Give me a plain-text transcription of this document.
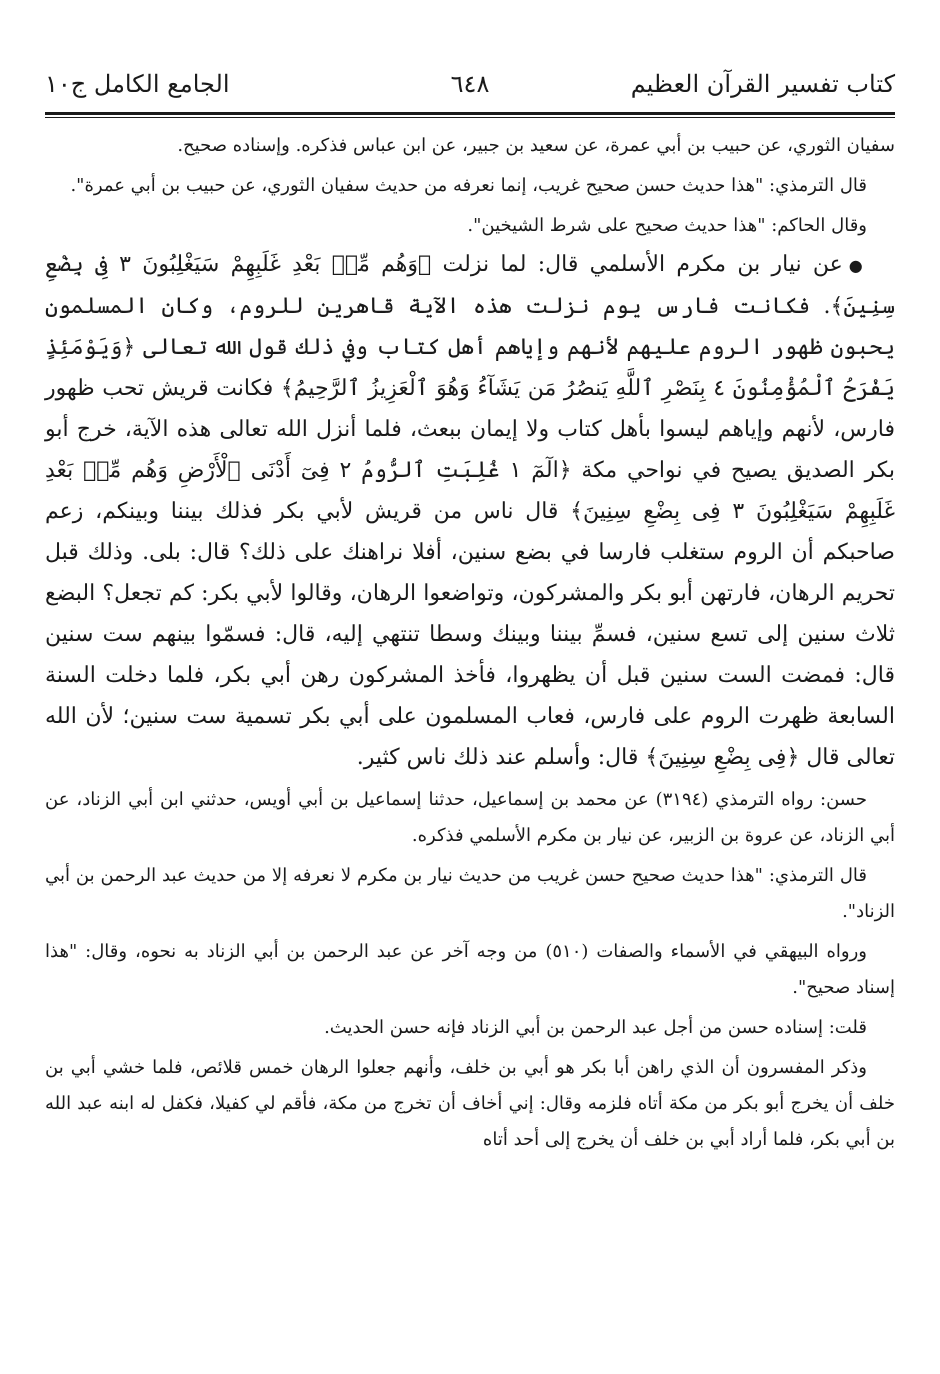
كتاب تفسير القرآن العظيم
٦٤٨
الجامع الكامل ج١٠

سفيان الثوري، عن حبيب بن أبي عمرة، عن سعيد بن جبير، عن ابن عباس فذكره. وإسناده صحيح.

قال الترمذي: "هذا حديث حسن صحيح غريب، إنما نعرفه من حديث سفيان الثوري، عن حبيب بن أبي عمرة".

وقال الحاكم: "هذا حديث صحيح على شرط الشيخين".

●عن نيار بن مكرم الأسلمي قال: لما نزلت ﴿وَهُم مِّنۢ بَعْدِ غَلَبِهِمْ سَيَغْلِبُونَ ٣ فِى بِضْعِ سِنِينَ﴾. فكانت فارس يوم نزلت هذه الآية قاهرين للروم، وكان المسلمون يحبون ظهور الروم عليهم لأنهم وإياهم أهل كتاب وفي ذلك قول الله تعالى ﴿وَيَوْمَئِذٍ يَفْرَحُ ٱلْمُؤْمِنُونَ ٤ بِنَصْرِ ٱللَّهِ يَنصُرُ مَن يَشَآءُ وَهُوَ ٱلْعَزِيزُ ٱلرَّحِيمُ﴾ فكانت قريش تحب ظهور فارس، لأنهم وإياهم ليسوا بأهل كتاب ولا إيمان ببعث، فلما أنزل الله تعالى هذه الآية، خرج أبو بكر الصديق يصيح في نواحي مكة ﴿الٓمٓ ١ غُلِبَتِ ٱلرُّومُ ٢ فِىٓ أَدْنَى ٱلْأَرْضِ وَهُم مِّنۢ بَعْدِ غَلَبِهِمْ سَيَغْلِبُونَ ٣ فِى بِضْعِ سِنِينَ﴾ قال ناس من قريش لأبي بكر فذلك بيننا وبينكم، زعم صاحبكم أن الروم ستغلب فارسا في بضع سنين، أفلا نراهنك على ذلك؟ قال: بلى. وذلك قبل تحريم الرهان، فارتهن أبو بكر والمشركون، وتواضعوا الرهان، وقالوا لأبي بكر: كم تجعل؟ البضع ثلاث سنين إلى تسع سنين، فسمِّ بيننا وبينك وسطا تنتهي إليه، قال: فسمّوا بينهم ست سنين قال: فمضت الست سنين قبل أن يظهروا، فأخذ المشركون رهن أبي بكر، فلما دخلت السنة السابعة ظهرت الروم على فارس، فعاب المسلمون على أبي بكر تسمية ست سنين؛ لأن الله تعالى قال ﴿فِى بِضْعِ سِنِينَ﴾ قال: وأسلم عند ذلك ناس كثير.

حسن: رواه الترمذي (٣١٩٤) عن محمد بن إسماعيل، حدثنا إسماعيل بن أبي أويس، حدثني ابن أبي الزناد، عن أبي الزناد، عن عروة بن الزبير، عن نيار بن مكرم الأسلمي فذكره.

قال الترمذي: "هذا حديث صحيح حسن غريب من حديث نيار بن مكرم لا نعرفه إلا من حديث عبد الرحمن بن أبي الزناد".

ورواه البيهقي في الأسماء والصفات (٥١٠) من وجه آخر عن عبد الرحمن بن أبي الزناد به نحوه، وقال: "هذا إسناد صحيح".

قلت: إسناده حسن من أجل عبد الرحمن بن أبي الزناد فإنه حسن الحديث.

وذكر المفسرون أن الذي راهن أبا بكر هو أبي بن خلف، وأنهم جعلوا الرهان خمس قلائص، فلما خشي أبي بن خلف أن يخرج أبو بكر من مكة أتاه فلزمه وقال: إني أخاف أن تخرج من مكة، فأقم لي كفيلا، فكفل له ابنه عبد الله بن أبي بكر، فلما أراد أبي بن خلف أن يخرج إلى أحد أتاه
